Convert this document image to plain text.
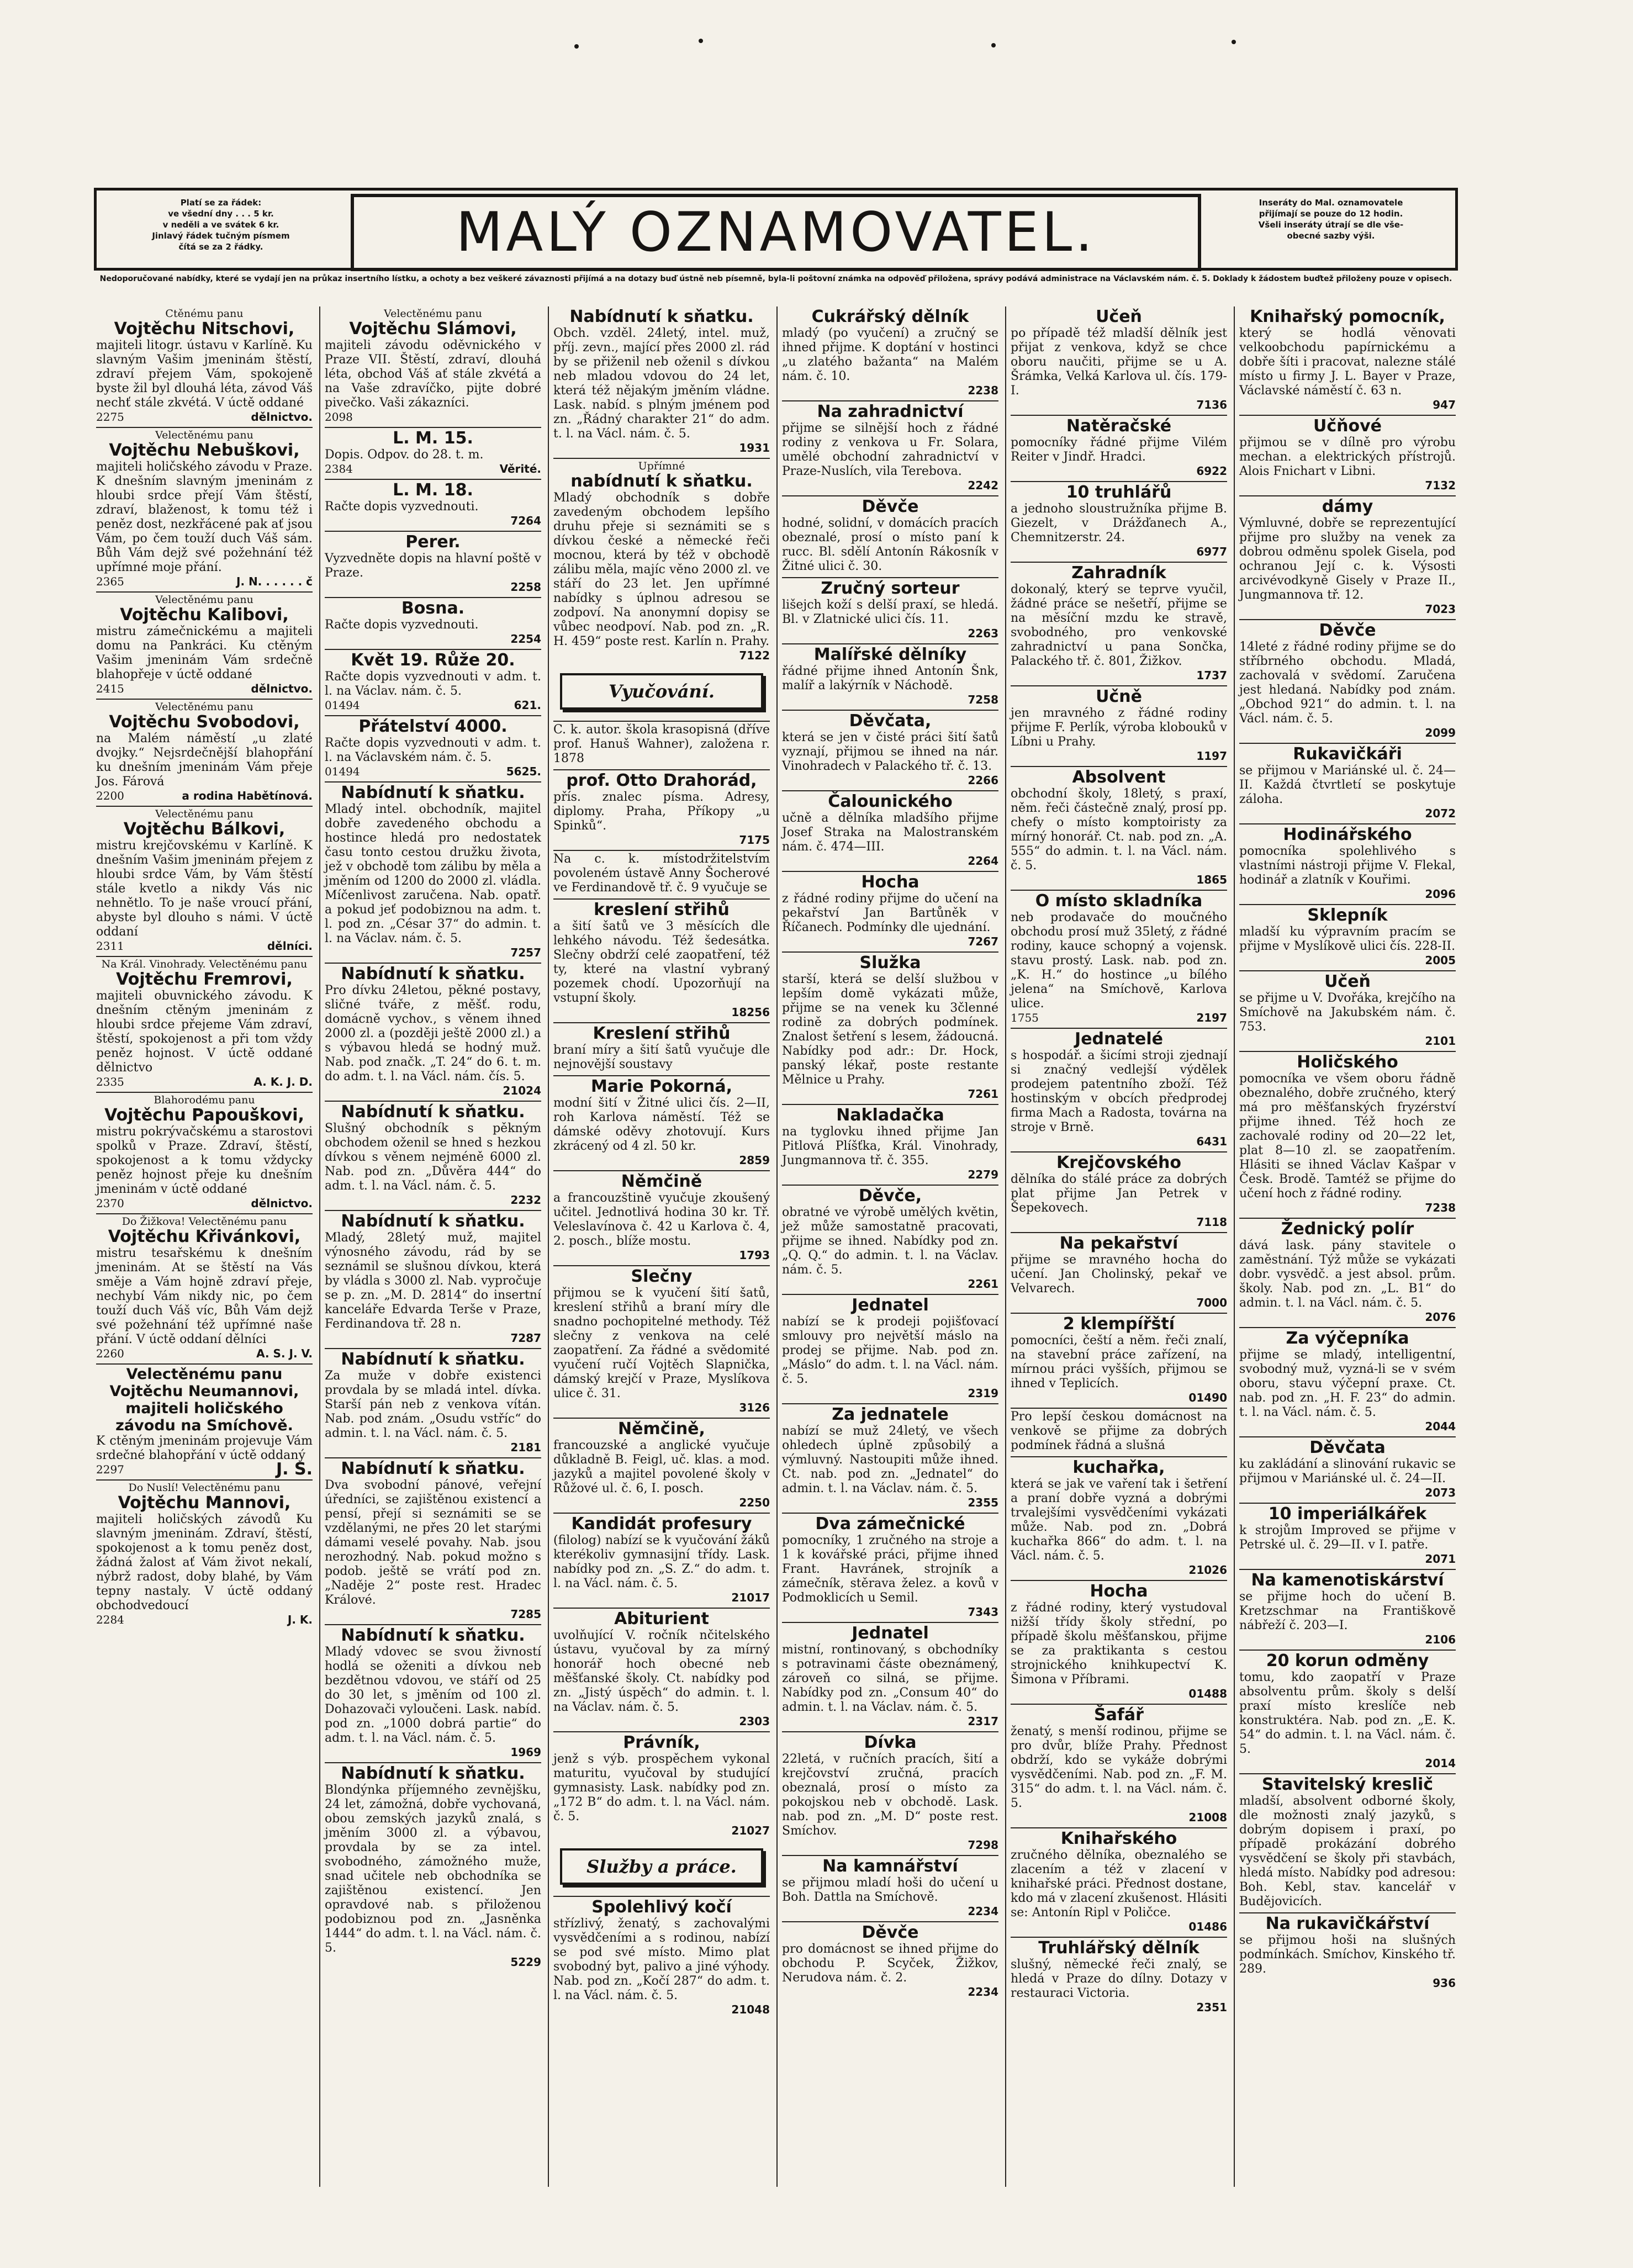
Platí se za řádek:
ve všední dny . . . 5 kr.
v neděli a ve svátek 6 kr.
Jinlavý řádek tučným písmem
čítá se za 2 řádky.	MALÝ OZNAMOVATEL.	Inseráty do Mal. oznamovatele
přijímají se pouze do 12 hodin.
Všeli inseráty útrají se dle vše-
obecné sazby výši.
Nedoporučované nabídky, které se vydají jen na průkaz insertního lístku, a ochoty a bez veškeré závaznosti přijímá a na dotazy buď ústně neb písemně, byla-li poštovní známka na odpověď přiložena, správy podává administrace na Václavském nám. č. 5. Doklady k žádostem buďtež přiloženy pouze v opisech.
Ctěnému panu
Vojtěchu Nitschovi,
majiteli litogr. ústavu v Karlíně. Ku slavným Vašim jmeninám štěstí, zdraví přejem Vám, spokojeně byste žil byl dlouhá léta, závod Váš nechť stále zkvétá. V úctě oddané
2275	dělnictvo.
Velectěnému panu
Vojtěchu Nebuškovi,
majiteli holičského závodu v Praze. K dnešním slavným jmeninám z hloubi srdce přejí Vám štěstí, zdraví, blaženost, k tomu též i peněz dost, nezkřácené pak ať jsou Vám, po čem touží duch Váš sám. Bůh Vám dejž své požehnání též upřímné moje přání.
2365	J. N. . . . . . č
Velectěnému panu
Vojtěchu Kalibovi,
mistru zámečnickému a majiteli domu na Pankráci. Ku ctěným Vašim jmeninám Vám srdečně blahopřeje v úctě oddané
2415	dělnictvo.
Velectěnému panu
Vojtěchu Svobodovi,
na Malém náměstí „u zlaté dvojky.“ Nejsrdečnější blahopřání ku dnešním jmeninám Vám přeje Jos. Fárová
2200	a rodina Habětínová.
Velectěnému panu
Vojtěchu Bálkovi,
mistru krejčovskému v Karlíně. K dnešním Vašim jmeninám přejem z hloubi srdce Vám, by Vám štěstí stále kvetlo a nikdy Vás nic nehnětlo. To je naše vroucí přání, abyste byl dlouho s námi. V úctě oddaní
2311	dělníci.
Na Král. Vinohrady. Velectěnému panu
Vojtěchu Fremrovi,
majiteli obuvnického závodu. K dnešním ctěným jmeninám z hloubi srdce přejeme Vám zdraví, štěstí, spokojenost a při tom vždy peněz hojnost. V úctě oddané dělnictvo
2335	A. K. J. D.
Blahorodému panu
Vojtěchu Papouškovi,
mistru pokrývačskému a starostovi spolků v Praze. Zdraví, štěstí, spokojenost a k tomu vždycky peněz hojnost přeje ku dnešním jmeninám v úctě oddané
2370	dělnictvo.
Do Žižkova! Velectěnému panu
Vojtěchu Křivánkovi,
mistru tesařskému k dnešním jmeninám. At se štěstí na Vás směje a Vám hojně zdraví přeje, nechybí Vám nikdy nic, po čem touží duch Váš víc, Bůh Vám dejž své požehnání též upřímné naše přání. V úctě oddaní dělníci
2260	A. S. J. V.
Velectěnému panu Vojtěchu Neumannovi, majiteli holičského závodu na Smíchově.
K ctěným jmeninám projevuje Vám srdečné blahopřání v úctě oddaný
2297	J. S.
Do Nuslí! Velectěnému panu
Vojtěchu Mannovi,
majiteli holičských závodů Ku slavným jmeninám. Zdraví, štěstí, spokojenost a k tomu peněz dost, žádná žalost ať Vám život nekalí, nýbrž radost, doby blahé, by Vám tepny nastaly. V úctě oddaný obchodvedoucí
2284	J. K.
Velectěnému panu
Vojtěchu Slámovi,
majiteli závodu oděvnického v Praze VII. Štěstí, zdraví, dlouhá léta, obchod Váš ať stále zkvétá a na Vaše zdravíčko, pijte dobré pivečko. Vaši zákazníci.
2098
L. M. 15.
Dopis. Odpov. do 28. t. m.
2384	Věrité.
L. M. 18.
Račte dopis vyzvednouti.
7264
Perer.
Vyzvedněte dopis na hlavní poště v Praze.
2258
Bosna.
Račte dopis vyzvednouti.
2254
Květ 19. Růže 20.
Račte dopis vyzvednouti v adm. t. l. na Václav. nám. č. 5.
01494	621.
Přátelství 4000.
Račte dopis vyzvednouti v adm. t. l. na Václavském nám. č. 5.
01494	5625.
Nabídnutí k sňatku.
Mladý intel. obchodník, majitel dobře zavedeného obchodu a hostince hledá pro nedostatek času tonto cestou družku života, jež v obchodě tom zálibu by měla a jměním od 1200 do 2000 zl. vládla. Míčenlivost zaručena. Nab. opatř. a pokud jeť podobiznou na adm. t. l. pod zn. „César 37“ do admin. t. l. na Václav. nám. č. 5.
7257
Nabídnutí k sňatku.
Pro dívku 24letou, pěkné postavy, sličné tváře, z měšť. rodu, domácně vychov., s věnem ihned 2000 zl. a (později ještě 2000 zl.) a s výbavou hledá se hodný muž. Nab. pod značk. „T. 24“ do 6. t. m. do adm. t. l. na Václ. nám. čís. 5.
21024
Nabídnutí k sňatku.
Slušný obchodník s pěkným obchodem oženil se hned s hezkou dívkou s věnem nejméně 6000 zl. Nab. pod zn. „Důvěra 444“ do adm. t. l. na Václ. nám. č. 5.
2232
Nabídnutí k sňatku.
Mladý, 28letý muž, majitel výnosného závodu, rád by se seznámil se slušnou dívkou, která by vládla s 3000 zl. Nab. vypročuje se p. zn. „M. D. 2814“ do insertní kanceláře Edvarda Terše v Praze, Ferdinandova tř. 28 n.
7287
Nabídnutí k sňatku.
Za muže v dobře existenci provdala by se mladá intel. dívka. Starší pán neb z venkova vítán. Nab. pod znám. „Osudu vstříc“ do admin. t. l. na Václ. nám. č. 5.
2181
Nabídnutí k sňatku.
Dva svobodní pánové, veřejní úředníci, se zajištěnou existencí a pensí, přejí si seznámiti se se vzdělanými, ne přes 20 let starými dámami veselé povahy. Nab. jsou nerozhodný. Nab. pokud možno s podob. ještě se vrátí pod zn. „Naděje 2“ poste rest. Hradec Králové.
7285
Nabídnutí k sňatku.
Mladý vdovec se svou živností hodlá se oženiti a dívkou neb bezdětnou vdovou, ve stáří od 25 do 30 let, s jměním od 100 zl. Dohazovači vyloučeni. Lask. nabíd. pod zn. „1000 dobrá partie“ do adm. t. l. na Václ. nám. č. 5.
1969
Nabídnutí k sňatku.
Blondýnka příjemného zevnějšku, 24 let, zámožná, dobře vychovaná, obou zemských jazyků znalá, s jměním 3000 zl. a výbavou, provdala by se za intel. svobodného, zámožného muže, snad učitele neb obchodníka se zajištěnou existencí. Jen opravdové nab. s přiloženou podobiznou pod zn. „Jasněnka 1444“ do adm. t. l. na Václ. nám. č. 5.
5229
Nabídnutí k sňatku.
Obch. vzděl. 24letý, intel. muž, příj. zevn., mající přes 2000 zl. rád by se přiženil neb oženil s dívkou neb mladou vdovou do 24 let, která též nějakým jměním vládne. Lask. nabíd. s plným jménem pod zn. „Řádný charakter 21“ do adm. t. l. na Václ. nám. č. 5.
1931
Upřímné
nabídnutí k sňatku.
Mladý obchodník s dobře zavedeným obchodem lepšího druhu přeje si seznámiti se s dívkou české a německé řeči mocnou, která by též v obchodě zálibu měla, majíc věno 2000 zl. ve stáří do 23 let. Jen upřímné nabídky s úplnou adresou se zodpoví. Na anonymní dopisy se vůbec neodpoví. Nab. pod zn. „R. H. 459“ poste rest. Karlín n. Prahy.
7122
Vyučování.
C. k. autor. škola krasopisná (dříve prof. Hanuš Wahner), založena r. 1878
prof. Otto Drahorád,
přís. znalec písma. Adresy, diplomy. Praha, Příkopy „u Spinků“.
7175
Na c. k. místodržitelstvím povoleném ústavě Anny Šocherové ve Ferdinandově tř. č. 9 vyučuje se
kreslení střihů
a šití šatů ve 3 měsících dle lehkého návodu. Též šedesátka. Slečny obdrží celé zaopatření, též ty, které na vlastní vybraný pozemek chodí. Upozorňují na vstupní školy.
18256
Kreslení střihů
braní míry a šití šatů vyučuje dle nejnovější soustavy
Marie Pokorná,
modní šití v Žitné ulici čís. 2—II, roh Karlova náměstí. Též se dámské oděvy zhotovují. Kurs zkrácený od 4 zl. 50 kr.
2859
Němčině
a francouzštině vyučuje zkoušený učitel. Jednotlivá hodina 30 kr. Tř. Veleslavínova č. 42 u Karlova č. 4, 2. posch., blíže mostu.
1793
Slečny
přijmou se k vyučení šití šatů, kreslení střihů a braní míry dle snadno pochopitelné methody. Též slečny z venkova na celé zaopatření. Za řádné a svědomité vyučení ručí Vojtěch Slapnička, dámský krejčí v Praze, Myslíkova ulice č. 31.
3126
Němčině,
francouzské a anglické vyučuje důkladně B. Feigl, uč. klas. a mod. jazyků a majitel povolené školy v Růžové ul. č. 6, I. posch.
2250
Kandidát profesury
(filolog) nabízí se k vyučování žáků kterékoliv gymnasijní třídy. Lask. nabídky pod zn. „S. Z.“ do adm. t. l. na Václ. nám. č. 5.
21017
Abiturient
uvolňující V. ročník nčitelského ústavu, vyučoval by za mírný honorář hoch obecné neb měšťanské školy. Ct. nabídky pod zn. „Jistý úspěch“ do admin. t. l. na Václav. nám. č. 5.
2303
Právník,
jenž s výb. prospěchem vykonal maturitu, vyučoval by studující gymnasisty. Lask. nabídky pod zn. „172 B“ do adm. t. l. na Václ. nám. č. 5.
21027
Služby a práce.
Spolehlivý kočí
střízlivý, ženatý, s zachovalými vysvědčeními a s rodinou, nabízí se pod své místo. Mimo plat svobodný byt, palivo a jiné výhody. Nab. pod zn. „Kočí 287“ do adm. t. l. na Václ. nám. č. 5.
21048
Cukrářský dělník
mladý (po vyučení) a zručný se ihned přijme. K doptání v hostinci „u zlatého bažanta“ na Malém nám. č. 10.
2238
Na zahradnictví
přijme se silnější hoch z řádné rodiny z venkova u Fr. Solara, umělé obchodní zahradnictví v Praze-Nuslích, vila Terebova.
2242
Děvče
hodné, solidní, v domácích pracích obeznalé, prosí o místo paní k rucc. Bl. sdělí Antonín Rákosník v Žitné ulici č. 30.
Zručný sorteur
lišejch koží s delší praxí, se hledá. Bl. v Zlatnické ulici čís. 11.
2263
Malířské dělníky
řádné přijme ihned Antonín Šnk, malíř a lakýrník v Náchodě.
7258
Děvčata,
která se jen v čisté práci šití šatů vyznají, přijmou se ihned na nár. Vinohradech v Palackého tř. č. 13.
2266
Čalounického
učně a dělníka mladšího přijme Josef Straka na Malostranském nám. č. 474—III.
2264
Hocha
z řádné rodiny přijme do učení na pekařství Jan Bartůněk v Říčanech. Podmínky dle ujednání.
7267
Služka
starší, která se delší službou v lepším domě vykázati může, přijme se na venek ku 3členné rodině za dobrých podmínek. Znalost šetření s lesem, žádoucná. Nabídky pod adr.: Dr. Hock, panský lékař, poste restante Mělnice u Prahy.
7261
Nakladačka
na tyglovku ihned přijme Jan Pitlová Plíšťka, Král. Vinohrady, Jungmannova tř. č. 355.
2279
Děvče,
obratné ve výrobě umělých květin, jež může samostatně pracovati, přijme se ihned. Nabídky pod zn. „Q. Q.“ do admin. t. l. na Václav. nám. č. 5.
2261
Jednatel
nabízí se k prodeji pojišťovací smlouvy pro největší máslo na prodej se přijme. Nab. pod zn. „Máslo“ do adm. t. l. na Václ. nám. č. 5.
2319
Za jednatele
nabízí se muž 24letý, ve všech ohledech úplně způsobilý a výmluvný. Nastoupiti může ihned. Ct. nab. pod zn. „Jednatel“ do admin. t. l. na Václav. nám. č. 5.
2355
Dva zámečnické
pomocníky, 1 zručného na stroje a 1 k kovářské práci, přijme ihned Frant. Havránek, strojník a zámečník, stěrava želez. a kovů v Podmoklicích u Semil.
7343
Jednatel
mistní, rontinovaný, s obchodníky s potravinami částe obeznámený, zároveň co silná, se přijme. Nabídky pod zn. „Consum 40“ do admin. t. l. na Václav. nám. č. 5.
2317
Dívka
22letá, v ručních pracích, šití a krejčovství zručná, pracích obeznalá, prosí o místo za pokojskou neb v obchodě. Lask. nab. pod zn. „M. D“ poste rest. Smíchov.
7298
Na kamnářství
se přijmou mladí hoši do učení u Boh. Dattla na Smíchově.
2234
Děvče
pro domácnost se ihned přijme do obchodu P. Scyček, Žižkov, Nerudova nám. č. 2.
2234
Učeň
po případě též mladší dělník jest přijat z venkova, když se chce oboru naučiti, přijme se u A. Šrámka, Velká Karlova ul. čís. 179-I.
7136
Natěračské
pomocníky řádné přijme Vilém Reiter v Jindř. Hradci.
6922
10 truhlářů
a jednoho sloustružníka přijme B. Giezelt, v Drážďanech A., Chemnitzerstr. 24.
6977
Zahradník
dokonalý, který se teprve vyučil, žádné práce se nešetří, přijme se na měsíční mzdu ke stravě, svobodného, pro venkovské zahradnictví u pana Sončka, Palackého tř. č. 801, Žižkov.
1737
Učně
jen mravného z řádné rodiny přijme F. Perlík, výroba klobouků v Líbni u Prahy.
1197
Absolvent
obchodní školy, 18letý, s praxí, něm. řeči částečně znalý, prosí pp. chefy o místo komptoiristy za mírný honorář. Ct. nab. pod zn. „A. 555“ do admin. t. l. na Václ. nám. č. 5.
1865
O místo skladníka
neb prodavače do moučného obchodu prosí muž 35letý, z řádné rodiny, kauce schopný a vojensk. stavu prostý. Lask. nab. pod zn. „K. H.“ do hostince „u bílého jelena“ na Smíchově, Karlova ulice.
1755	2197
Jednatelé
s hospodář. a šicími stroji zjednají si značný vedlejší výdělek prodejem patentního zboží. Též hostinským v obcích předprodej firma Mach a Radosta, továrna na stroje v Brně.
6431
Krejčovského
dělníka do stálé práce za dobrých plat přijme Jan Petrek v Šepekovech.
7118
Na pekařství
přijme se mravného hocha do učení. Jan Cholinský, pekař ve Velvarech.
7000
2 klempířští
pomocníci, čeští a něm. řeči znalí, na stavební práce zařízení, na mírnou práci vyšších, přijmou se ihned v Teplicích.
01490
Pro lepší českou domácnost na venkově se přijme za dobrých podmínek řádná a slušná
kuchařka,
která se jak ve vaření tak i šetření a praní dobře vyzná a dobrými trvalejšími vysvědčeními vykázati může. Nab. pod zn. „Dobrá kuchařka 866“ do adm. t. l. na Václ. nám. č. 5.
21026
Hocha
z řádné rodiny, který vystudoval nižší třídy školy střední, po případě školu měšťanskou, přijme se za praktikanta s cestou strojnického knihkupectví K. Šimona v Příbrami.
01488
Šafář
ženatý, s menší rodinou, přijme se pro dvůr, blíže Prahy. Přednost obdrží, kdo se vykáže dobrými vysvědčeními. Nab. pod zn. „F. M. 315“ do adm. t. l. na Václ. nám. č. 5.
21008
Knihařského
zručného dělníka, obeznalého se zlacením a též v zlacení v knihařské práci. Přednost dostane, kdo má v zlacení zkušenost. Hlásiti se: Antonín Ripl v Poličce.
01486
Truhlářský dělník
slušný, německé řeči znalý, se hledá v Praze do dílny. Dotazy v restauraci Victoria.
2351
Knihařský pomocník,
který se hodlá věnovati velkoobchodu papírnickému a dobře šíti i pracovat, nalezne stálé místo u firmy J. L. Bayer v Praze, Václavské náměstí č. 63 n.
947
Učňové
přijmou se v dílně pro výrobu mechan. a elektrických přístrojů. Alois Fnichart v Libni.
7132
dámy
Výmluvné, dobře se reprezentující přijme pro služby na venek za dobrou odměnu spolek Gisela, pod ochranou Její c. k. Výsosti arcivévodkyně Gisely v Praze II., Jungmannova tř. 12.
7023
Děvče
14leté z řádné rodiny přijme se do stříbrného obchodu. Mladá, zachovalá v svědomí. Zaručena jest hledaná. Nabídky pod znám. „Obchod 921“ do admin. t. l. na Václ. nám. č. 5.
2099
Rukavičkáři
se přijmou v Mariánské ul. č. 24—II. Každá čtvrtletí se poskytuje záloha.
2072
Hodinářského
pomocníka spolehlivého s vlastními nástroji přijme V. Flekal, hodinář a zlatník v Kouřimi.
2096
Sklepník
mladší ku výpravním pracím se přijme v Myslíkově ulici čís. 228-II.
2005
Učeň
se přijme u V. Dvořáka, krejčího na Smíchově na Jakubském nám. č. 753.
2101
Holičského
pomocníka ve všem oboru řádně obeznalého, dobře zručného, který má pro měšťanských fryzérství přijme ihned. Též hoch ze zachovalé rodiny od 20—22 let, plat 8—10 zl. se zaopatřením. Hlásiti se ihned Václav Kašpar v Česk. Brodě. Tamtéž se přijme do učení hoch z řádné rodiny.
7238
Žednický polír
dává lask. pány stavitele o zaměstnání. Týž může se vykázati dobr. vysvědč. a jest absol. prům. školy. Nab. pod zn. „L. B1“ do admin. t. l. na Václ. nám. č. 5.
2076
Za výčepníka
přijme se mladý, intelligentní, svobodný muž, vyzná-li se v svém oboru, stavu výčepní praxe. Ct. nab. pod zn. „H. F. 23“ do admin. t. l. na Václ. nám. č. 5.
2044
Děvčata
ku zakládání a slinování rukavic se přijmou v Mariánské ul. č. 24—II.
2073
10 imperiálkářek
k strojům Improved se přijme v Petrské ul. č. 29—II. v I. patře.
2071
Na kamenotiskárství
se přijme hoch do učení B. Kretzschmar na Františkově nábřeží č. 203—I.
2106
20 korun odměny
tomu, kdo zaopatří v Praze absolventu prům. školy s delší praxí místo kreslíče neb konstruktéra. Nab. pod zn. „E. K. 54“ do admin. t. l. na Václ. nám. č. 5.
2014
Stavitelský kreslič
mladší, absolvent odborné školy, dle možnosti znalý jazyků, s dobrým dopisem i praxí, po případě prokázání dobrého vysvědčení se školy při stavbách, hledá místo. Nabídky pod adresou: Boh. Kebl, stav. kancelář v Budějovicích.
Na rukavičkářství
se přijmou hoši na slušných podmínkách. Smíchov, Kinského tř. 289.
936
